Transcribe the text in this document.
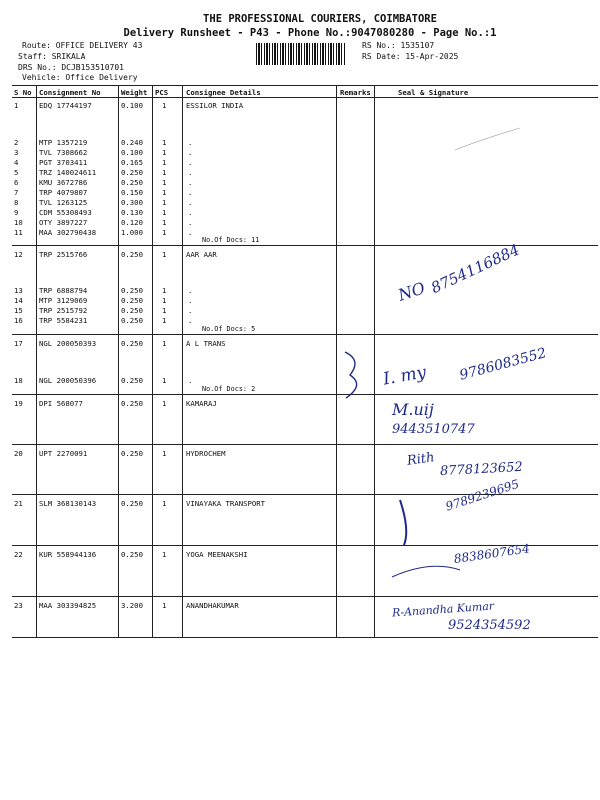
THE PROFESSIONAL COURIERS, COIMBATORE
Delivery Runsheet - P43 - Phone No.:9047080280 - Page No.:1
Route: OFFICE DELIVERY 43
Staff: SRIKALA
DRS No.: DCJB153510701
Vehicle: Office Delivery
RS No.: 1535107
RS Date: 15-Apr-2025
S No Consignment No	Weight PCS Consignee Details	Remarks	Seal & Signature
1	EDQ 17744197	0.100	1	ESSILOR INDIA
2	MTP 1357219	0.240	1	.
3	TVL 7308662	0.100	1	.
4	PGT 3703411	0.165	1	.
5	TRZ 140024611	0.250	1	.
6	KMU 3672786	0.250	1	.
7	TRP 4079807	0.150	1	.
8	TVL 1263125	0.300	1	.
9	CDM 55308493	0.130	1	.
10 OTY 3897227	0.120	1	.
11 MAA 302790438	1.000	1	.
No.Of Docs: 11
12 TRP 2515766	0.250	1	AAR AAR
13 TRP 6888794	0.250	1	.
14 MTP 3129069	0.250	1	.
15 TRP 2515792	0.250	1	.
16 TRP 5584231	0.250	1	.
No.Of Docs: 5
17 NGL 200050393	0.250	1	A L TRANS
18 NGL 200050396	0.250	1	.
No.Of Docs: 2
19 DPI 568077	0.250	1	KAMARAJ
20 UPT 2270091	0.250	1	HYDROCHEM
21 SLM 368130143	0.250	1	VINAYAKA TRANSPORT
22 KUR 558944136	0.250	1	YOGA MEENAKSHI
23 MAA 303394825	3.200	1	ANANDHAKUMAR
NO 8754116884
I. my 9786083552
M.uij
9443510747
Rith
8778123652
9789239695
8838607654
R-Anandha Kumar
9524354592
